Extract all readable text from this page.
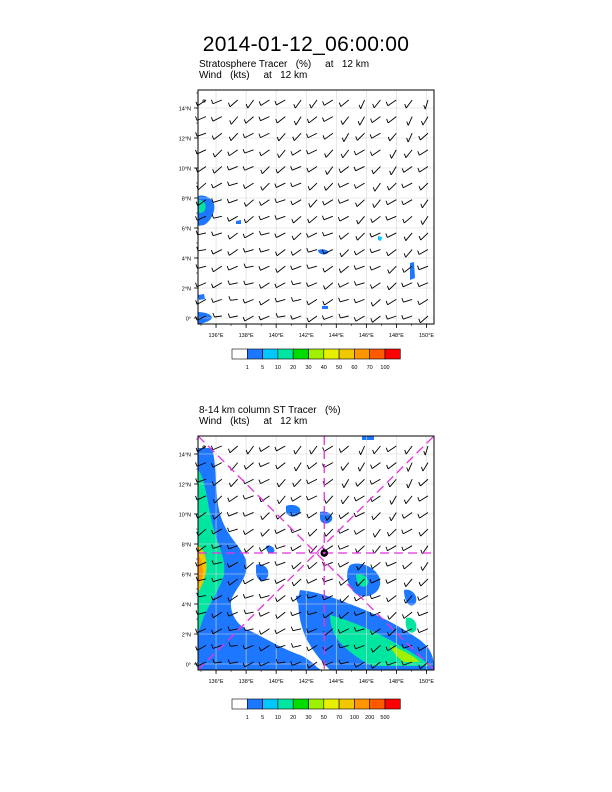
2014-01-12_06:00:00
Stratosphere Tracer   (%)     at   12 km
Wind   (kts)     at   12 km
14°N
12°N
10°N
8°N
6°N
4°N
2°N
0°
136°E	138°E	140°E	142°E	144°E	146°E	148°E	150°E
1 5 10 20 30 40 50 60 70 100
8-14 km column ST Tracer   (%)
Wind   (kts)     at   12 km
14°N
12°N
10°N
8°N
6°N
4°N
2°N
0°
136°E	138°E	140°E	142°E	144°E	146°E	148°E	150°E
1 5 10 20 30 50 70 100 200 500
